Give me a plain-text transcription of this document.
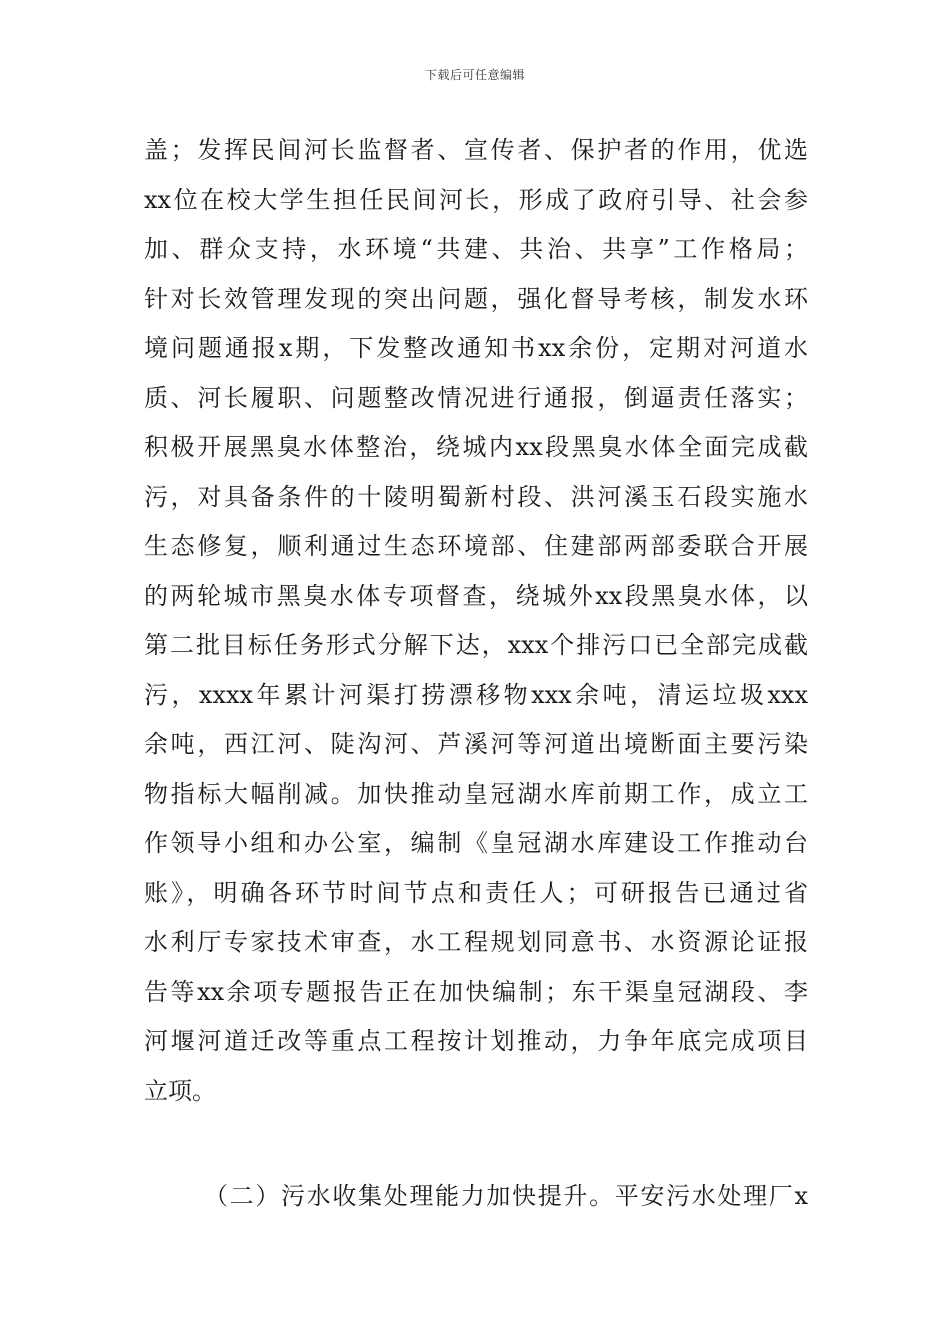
下载后可任意编辑
盖；发挥民间河长监督者、宣传者、保护者的作用，优选
xx位在校大学生担任民间河长，形成了政府引导、社会参
加、群众支持，水环境“共建、共治、共享”工作格局；
针对长效管理发现的突出问题，强化督导考核，制发水环
境问题通报x期，下发整改通知书xx余份，定期对河道水
质、河长履职、问题整改情况进行通报，倒逼责任落实；
积极开展黑臭水体整治，绕城内xx段黑臭水体全面完成截
污，对具备条件的十陵明蜀新村段、洪河溪玉石段实施水
生态修复，顺利通过生态环境部、住建部两部委联合开展
的两轮城市黑臭水体专项督查，绕城外xx段黑臭水体，以
第二批目标任务形式分解下达，xxx个排污口已全部完成截
污，xxxx年累计河渠打捞漂移物xxx余吨，清运垃圾xxx
余吨，西江河、陡沟河、芦溪河等河道出境断面主要污染
物指标大幅削减。加快推动皇冠湖水库前期工作，成立工
作领导小组和办公室，编制《皇冠湖水库建设工作推动台
账》，明确各环节时间节点和责任人；可研报告已通过省
水利厅专家技术审查，水工程规划同意书、水资源论证报
告等xx余项专题报告正在加快编制；东干渠皇冠湖段、李
河堰河道迁改等重点工程按计划推动，力争年底完成项目
立项。
（二）污水收集处理能力加快提升。平安污水处理厂x
